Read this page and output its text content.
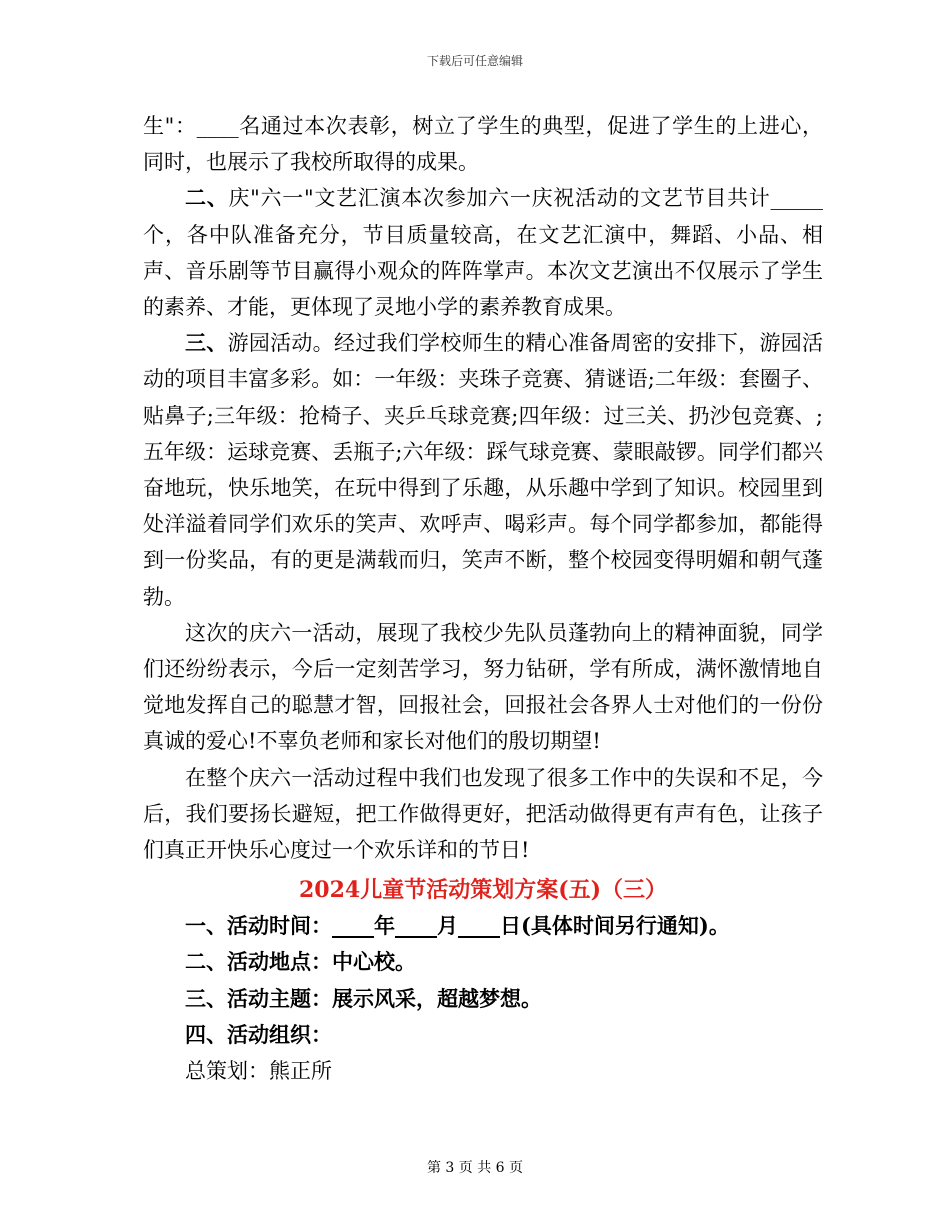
下载后可任意编辑

生"：____名通过本次表彰，树立了学生的典型，促进了学生的上进心，同时，也展示了我校所取得的成果。

二、庆"六一"文艺汇演本次参加六一庆祝活动的文艺节目共计_____个，各中队准备充分，节目质量较高，在文艺汇演中，舞蹈、小品、相声、音乐剧等节目赢得小观众的阵阵掌声。本次文艺演出不仅展示了学生的素养、才能，更体现了灵地小学的素养教育成果。

三、游园活动。经过我们学校师生的精心准备周密的安排下，游园活动的项目丰富多彩。如：一年级：夹珠子竞赛、猜谜语;二年级：套圈子、贴鼻子;三年级：抢椅子、夹乒乓球竞赛;四年级：过三关、扔沙包竞赛、;五年级：运球竞赛、丢瓶子;六年级：踩气球竞赛、蒙眼敲锣。同学们都兴奋地玩，快乐地笑，在玩中得到了乐趣，从乐趣中学到了知识。校园里到处洋溢着同学们欢乐的笑声、欢呼声、喝彩声。每个同学都参加，都能得到一份奖品，有的更是满载而归，笑声不断，整个校园变得明媚和朝气蓬勃。

这次的庆六一活动，展现了我校少先队员蓬勃向上的精神面貌，同学们还纷纷表示，今后一定刻苦学习，努力钻研，学有所成，满怀激情地自觉地发挥自己的聪慧才智，回报社会，回报社会各界人士对他们的一份份真诚的爱心!不辜负老师和家长对他们的殷切期望!

在整个庆六一活动过程中我们也发现了很多工作中的失误和不足，今后，我们要扬长避短，把工作做得更好，把活动做得更有声有色，让孩子们真正开快乐心度过一个欢乐详和的节日!

2024儿童节活动策划方案(五)（三）

一、活动时间：____年____月____日(具体时间另行通知)。

二、活动地点：中心校。

三、活动主题：展示风采，超越梦想。

四、活动组织：

总策划：熊正所

第 3 页 共 6 页
